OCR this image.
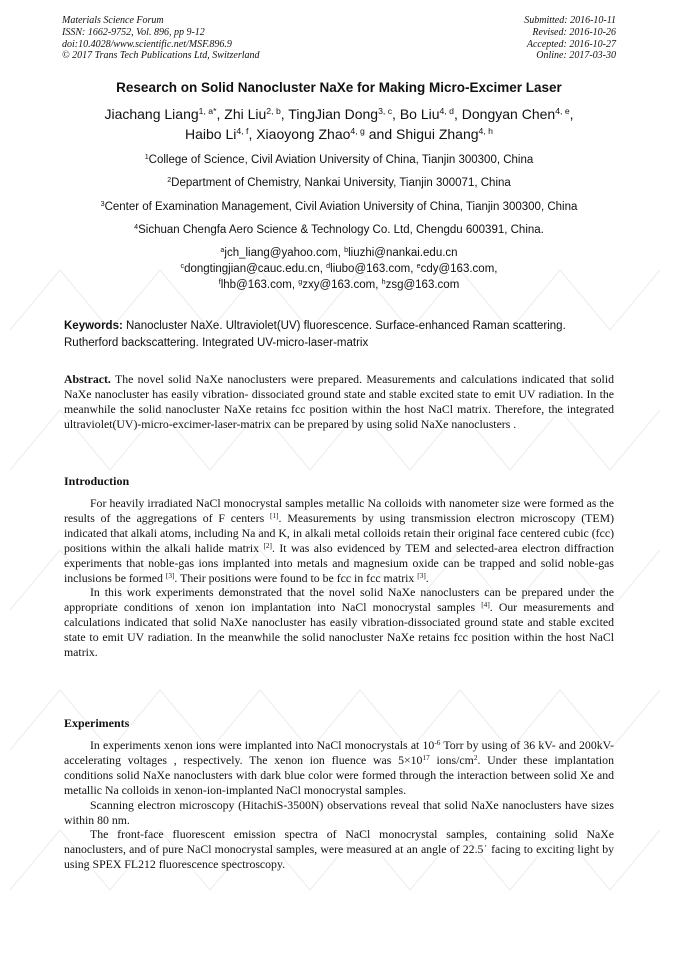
Materials Science Forum
ISSN: 1662-9752, Vol. 896, pp 9-12
doi:10.4028/www.scientific.net/MSF.896.9
© 2017 Trans Tech Publications Ltd, Switzerland
Submitted: 2016-10-11
Revised: 2016-10-26
Accepted: 2016-10-27
Online: 2017-03-30
Research on Solid Nanocluster NaXe for Making Micro-Excimer Laser
Jiachang Liang$^{1, a*}$, Zhi Liu$^{2, b}$, TingJian Dong$^{3, c}$, Bo Liu$^{4, d}$, Dongyan Chen$^{4, e}$,
Haibo Li$^{4, f}$, Xiaoyong Zhao$^{4, g}$ and Shigui Zhang$^{4, h}$
$^1$College of Science, Civil Aviation University of China, Tianjin 300300, China
$^2$Department of Chemistry, Nankai University, Tianjin 300071, China
$^3$Center of Examination Management, Civil Aviation University of China, Tianjin 300300, China
$^4$Sichuan Chengfa Aero Science & Technology Co. Ltd, Chengdu 600391, China.
$^a$jch_liang@yahoo.com, $^b$liuzhi@nankai.edu.cn
$^c$dongtingjian@cauc.edu.cn, $^d$liubo@163.com, $^e$cdy@163.com,
$^f$lhb@163.com, $^g$zxy@163.com, $^h$zsg@163.com
Keywords: Nanocluster NaXe. Ultraviolet(UV) fluorescence. Surface-enhanced Raman scattering. Rutherford backscattering. Integrated UV-micro-laser-matrix

Abstract. The novel solid NaXe nanoclusters were prepared. Measurements and calculations indicated that solid NaXe nanocluster has easily vibration- dissociated ground state and stable excited state to emit UV radiation. In the meanwhile the solid nanocluster NaXe retains fcc position within the host NaCl matrix. Therefore, the integrated ultraviolet(UV)-micro-excimer-laser-matrix can be prepared by using solid NaXe nanoclusters .

Introduction

For heavily irradiated NaCl monocrystal samples metallic Na colloids with nanometer size were formed as the results of the aggregations of F centers [1]. Measurements by using transmission electron microscopy (TEM) indicated that alkali atoms, including Na and K, in alkali metal colloids retain their original face centered cubic (fcc) positions within the alkali halide matrix [2]. It was also evidenced by TEM and selected-area electron diffraction experiments that noble-gas ions implanted into metals and magnesium oxide can be trapped and solid noble-gas inclusions be formed [3]. Their positions were found to be fcc in fcc matrix [3].

In this work experiments demonstrated that the novel solid NaXe nanoclusters can be prepared under the appropriate conditions of xenon ion implantation into NaCl monocrystal samples [4]. Our measurements and calculations indicated that solid NaXe nanocluster has easily vibration-dissociated ground state and stable excited state to emit UV radiation. In the meanwhile the solid nanocluster NaXe retains fcc position within the host NaCl matrix.

Experiments

In experiments xenon ions were implanted into NaCl monocrystals at $10^{-6}$ Torr by using of 36 kV- and 200kV-accelerating voltages , respectively. The xenon ion fluence was $5\times 10^{17}$ ions/$cm^2$. Under these implantation conditions solid NaXe nanoclusters with dark blue color were formed through the interaction between solid Xe and metallic Na colloids in xenon-ion-implanted NaCl monocrystal samples.

Scanning electron microscopy (HitachiS-3500N) observations reveal that solid NaXe nanoclusters have sizes within 80 nm.

The front-face fluorescent emission spectra of NaCl monocrystal samples, containing solid NaXe nanoclusters, and of pure NaCl monocrystal samples, were measured at an angle of 22.5˙ facing to exciting light by using SPEX FL212 fluorescence spectroscopy.
